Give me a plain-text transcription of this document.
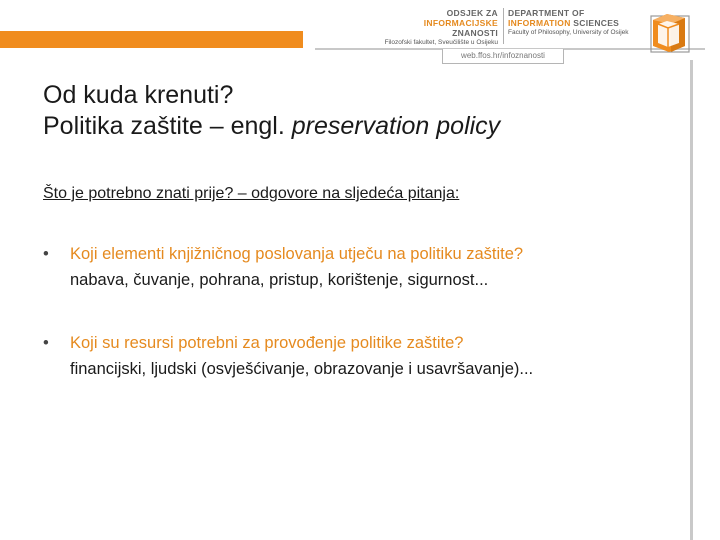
ODSJEK ZA
INFORMACIJSKE ZNANOSTI
Filozofski fakultet, Sveučilište u Osijeku
DEPARTMENT OF
INFORMATION SCIENCES
Faculty of Philosophy, University of Osijek
web.ffos.hr/infoznanosti
Od kuda krenuti?
Politika zaštite – engl. preservation policy
Što je potrebno znati prije? – odgovore na sljedeća pitanja:
• Koji elementi knjižničnog poslovanja utječu na politiku zaštite?
nabava, čuvanje, pohrana, pristup, korištenje, sigurnost...
• Koji su resursi potrebni za provođenje politike zaštite?
financijski, ljudski (osvješćivanje, obrazovanje i usavršavanje)...
